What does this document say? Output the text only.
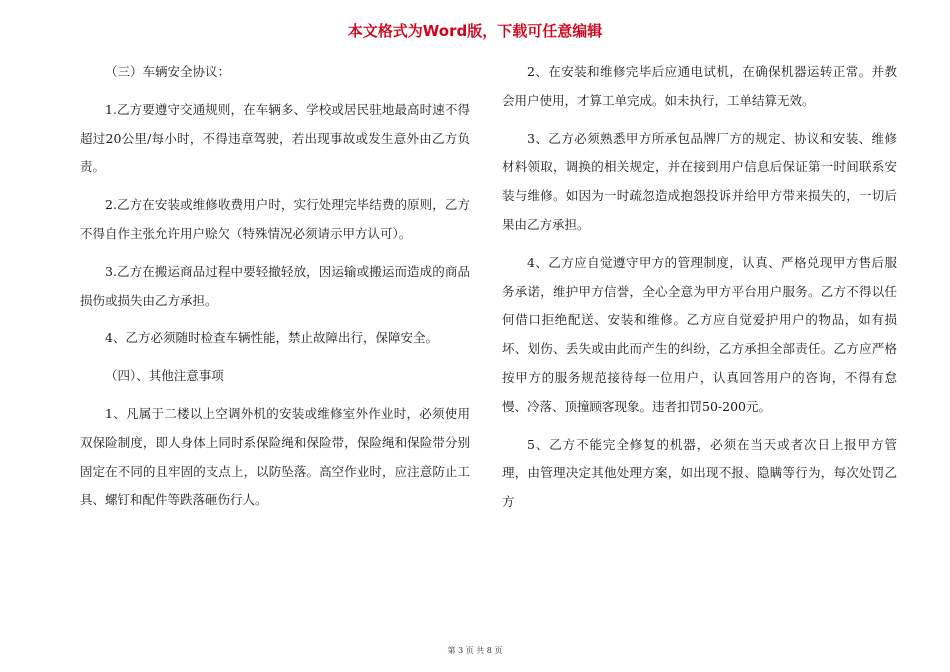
本文格式为Word版，下载可任意编辑

（三）车辆安全协议：

1.乙方要遵守交通规则，在车辆多、学校或居民驻地最高时速不得超过20公里/每小时，不得违章驾驶，若出现事故或发生意外由乙方负责。

2.乙方在安装或维修收费用户时，实行处理完毕结费的原则，乙方不得自作主张允许用户赊欠（特殊情况必须请示甲方认可）。

3.乙方在搬运商品过程中要轻撤轻放，因运输或搬运而造成的商品损伤或损失由乙方承担。

4、乙方必须随时检查车辆性能，禁止故障出行，保障安全。

（四）、其他注意事项

1、凡属于二楼以上空调外机的安装或维修室外作业时，必须使用双保险制度，即人身体上同时系保险绳和保险带，保险绳和保险带分别固定在不同的且牢固的支点上，以防坠落。高空作业时，应注意防止工具、螺钉和配件等跌落砸伤行人。

2、在安装和维修完毕后应通电试机，在确保机器运转正常。并教会用户使用，才算工单完成。如未执行，工单结算无效。

3、乙方必须熟悉甲方所承包品牌厂方的规定、协议和安装、维修材料领取，调换的相关规定，并在接到用户信息后保证第一时间联系安装与维修。如因为一时疏忽造成抱怨投诉并给甲方带来损失的，一切后果由乙方承担。

4、乙方应自觉遵守甲方的管理制度，认真、严格兑现甲方售后服务承诺，维护甲方信誉，全心全意为甲方平台用户服务。乙方不得以任何借口拒绝配送、安装和维修。乙方应自觉爱护用户的物品，如有损坏、划伤、丢失或由此而产生的纠纷，乙方承担全部责任。乙方应严格按甲方的服务规范接待每一位用户，认真回答用户的咨询，不得有怠慢、冷落、顶撞顾客现象。违者扣罚50-200元。

5、乙方不能完全修复的机器，必须在当天或者次日上报甲方管理，由管理决定其他处理方案，如出现不报、隐瞒等行为，每次处罚乙方

第 3 页 共 8 页
